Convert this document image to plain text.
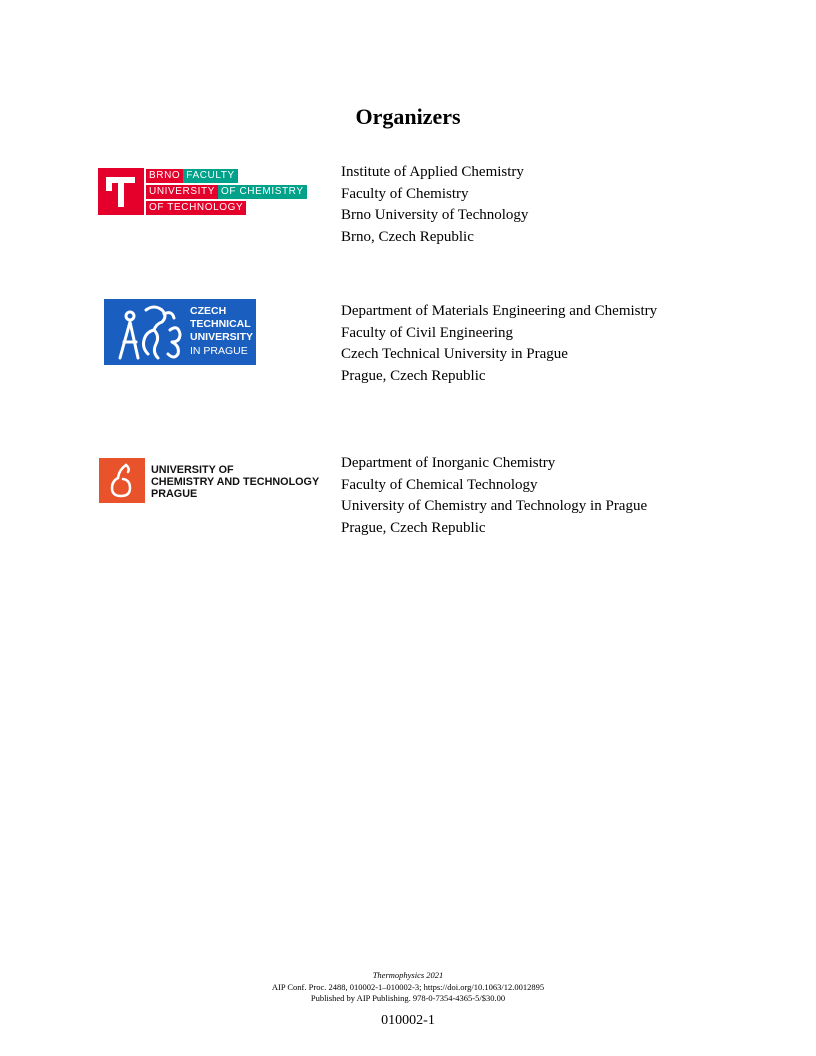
Organizers
BRNO FACULTY
UNIVERSITY OF CHEMISTRY
OF TECHNOLOGY
Institute of Applied Chemistry
Faculty of Chemistry
Brno University of Technology
Brno, Czech Republic
CZECH
TECHNICAL
UNIVERSITY
IN PRAGUE
Department of Materials Engineering and Chemistry
Faculty of Civil Engineering
Czech Technical University in Prague
Prague, Czech Republic
UNIVERSITY OF
CHEMISTRY AND TECHNOLOGY
PRAGUE
Department of Inorganic Chemistry
Faculty of Chemical Technology
University of Chemistry and Technology in Prague
Prague, Czech Republic
Thermophysics 2021
AIP Conf. Proc. 2488, 010002-1–010002-3; https://doi.org/10.1063/12.0012895
Published by AIP Publishing. 978-0-7354-4365-5/$30.00
010002-1
